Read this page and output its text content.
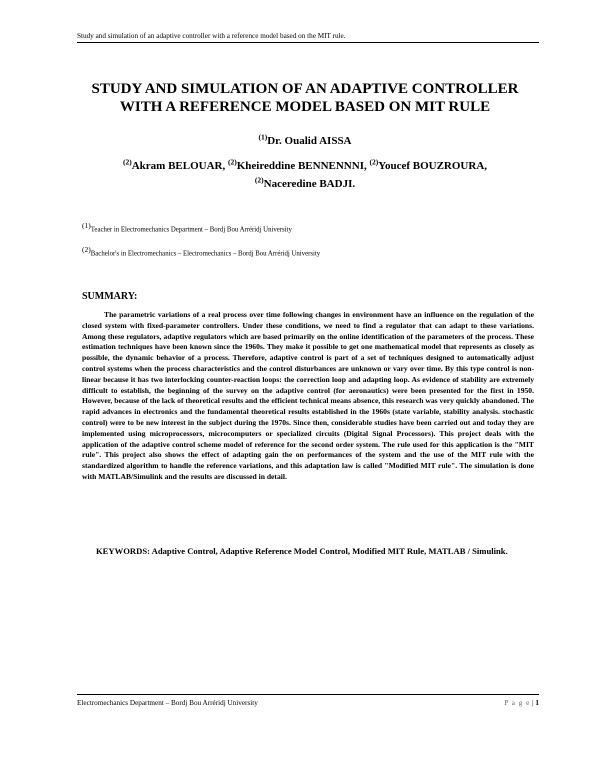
Study and simulation of an adaptive controller with a reference model based on the MIT rule.
STUDY AND SIMULATION OF AN ADAPTIVE CONTROLLER
WITH A REFERENCE MODEL BASED ON MIT RULE
$^{(1)}$Dr. Oualid AISSA
$^{(2)}$Akram BELOUAR, $^{(2)}$Kheireddine BENNENNNI, $^{(2)}$Youcef BOUZROURA,
$^{(2)}$Naceredine BADJI.
$^{(1)}$Teacher in Electromechanics Department – Bordj Bou Arréridj University
$^{(2)}$Bachelor's in Electromechanics – Electromechanics – Bordj Bou Arréridj University
SUMMARY:

The parametric variations of a real process over time following changes in environment have an influence on the regulation of the closed system with fixed-parameter controllers. Under these conditions, we need to find a regulator that can adapt to these variations. Among these regulators, adaptive regulators which are based primarily on the online identification of the parameters of the process. These estimation techniques have been known since the 1960s. They make it possible to get one mathematical model that represents as closely as possible, the dynamic behavior of a process. Therefore, adaptive control is part of a set of techniques designed to automatically adjust control systems when the process characteristics and the control disturbances are unknown or vary over time. By this type control is non-linear because it has two interlocking counter-reaction loops: the correction loop and adapting loop. As evidence of stability are extremely difficult to establish, the beginning of the survey on the adaptive control (for aeronautics) were been presented for the first in 1950. However, because of the lack of theoretical results and the efficient technical means absence, this research was very quickly abandoned. The rapid advances in electronics and the fundamental theoretical results established in the 1960s (state variable, stability analysis. stochastic control) were to be new interest in the subject during the 1970s. Since then, considerable studies have been carried out and today they are implemented using microprocessors, microcomputers or specialized circuits (Digital Signal Processors). This project deals with the application of the adaptive control scheme model of reference for the second order system. The rule used for this application is the "MIT rule". This project also shows the effect of adapting gain the on performances of the system and the use of the MIT rule with the standardized algorithm to handle the reference variations, and this adaptation law is called "Modified MIT rule". The simulation is done with MATLAB/Simulink and the results are discussed in detail.

KEYWORDS: Adaptive Control, Adaptive Reference Model Control, Modified MIT Rule, MATLAB / Simulink.

Electromechanics Department – Bordj Bou Arréridj University	P a g e | 1
